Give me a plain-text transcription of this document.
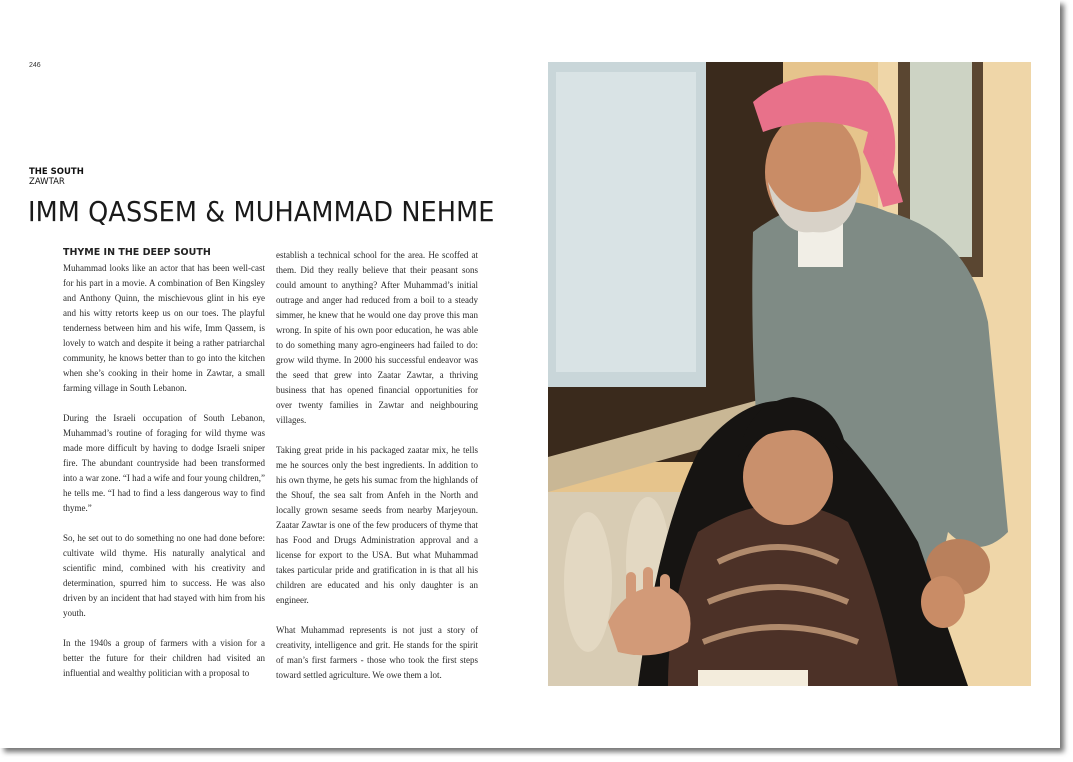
246
THE SOUTH
ZAWTAR
IMM QASSEM & MUHAMMAD NEHME
THYME IN THE DEEP SOUTH

Muhammad looks like an actor that has been well-cast for his part in a movie. A combination of Ben Kingsley and Anthony Quinn, the mischievous glint in his eye and his witty retorts keep us on our toes. The playful tenderness between him and his wife, Imm Qassem, is lovely to watch and despite it being a rather patriarchal community, he knows better than to go into the kitchen when she’s cooking in their home in Zawtar, a small farming village in South Lebanon.

During the Israeli occupation of South Lebanon, Muhammad’s routine of foraging for wild thyme was made more difficult by having to dodge Israeli sniper fire. The abundant countryside had been transformed into a war zone. “I had a wife and four young children,” he tells me. “I had to find a less dangerous way to find thyme.”

So, he set out to do something no one had done before: cultivate wild thyme. His naturally analytical and scientific mind, combined with his creativity and determination, spurred him to success. He was also driven by an incident that had stayed with him from his youth.

In the 1940s a group of farmers with a vision for a better the future for their children had visited an influential and wealthy politician with a proposal to

establish a technical school for the area. He scoffed at them. Did they really believe that their peasant sons could amount to anything? After Muhammad’s initial outrage and anger had reduced from a boil to a steady simmer, he knew that he would one day prove this man wrong. In spite of his own poor education, he was able to do something many agro-engineers had failed to do: grow wild thyme. In 2000 his successful endeavor was the seed that grew into Zaatar Zawtar, a thriving business that has opened financial opportunities for over twenty families in Zawtar and neighbouring villages.

Taking great pride in his packaged zaatar mix, he tells me he sources only the best ingredients. In addition to his own thyme, he gets his sumac from the highlands of the Shouf, the sea salt from Anfeh in the North and locally grown sesame seeds from nearby Marjeyoun. Zaatar Zawtar is one of the few producers of thyme that has Food and Drugs Administration approval and a license for export to the USA. But what Muhammad takes particular pride and gratification in is that all his children are educated and his only daughter is an engineer.

What Muhammad represents is not just a story of creativity, intelligence and grit. He stands for the spirit of man’s first farmers - those who took the first steps toward settled agriculture. We owe them a lot.
